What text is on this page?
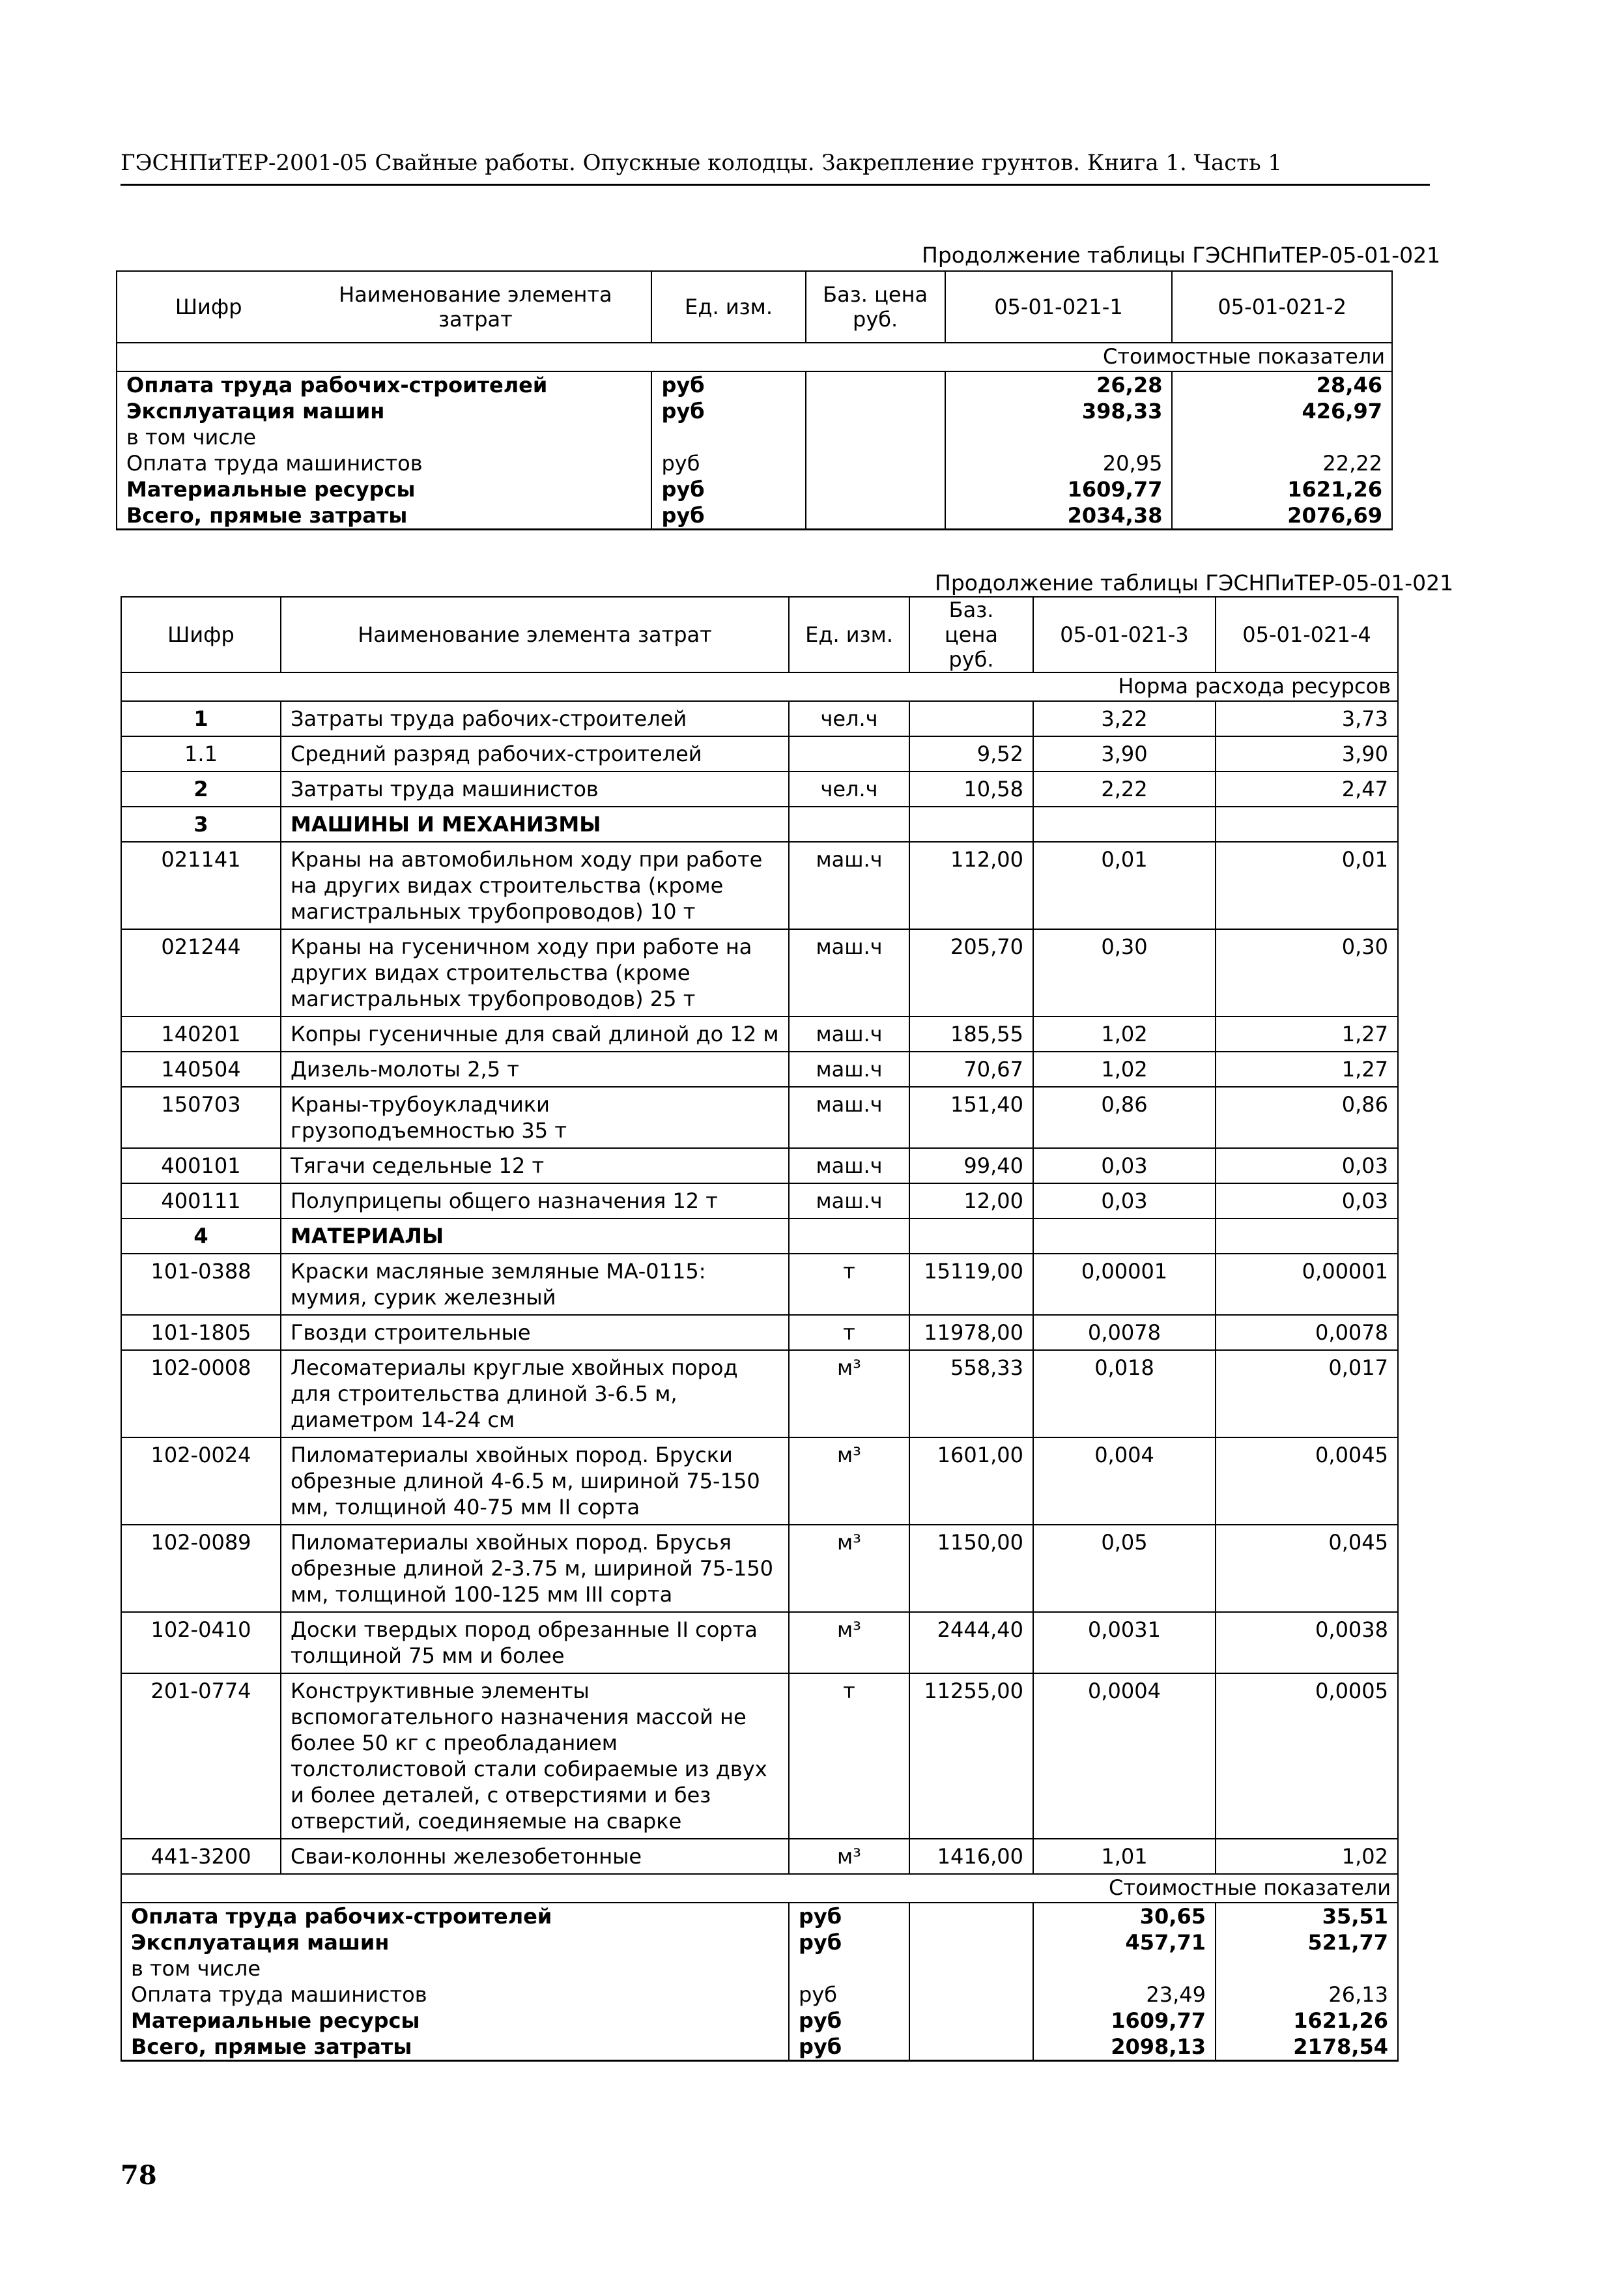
ГЭСНПиТЕР-2001-05 Свайные работы. Опускные колодцы. Закрепление грунтов. Книга 1. Часть 1
Продолжение таблицы ГЭСНПиТЕР-05-01-021
Шифр	Наименование элемента затрат	Ед. изм.	Баз. цена руб.	05-01-021-1	05-01-021-2
Стоимостные показатели					
Оплата труда рабочих-строителей		руб		26,28	28,46
Эксплуатация машин		руб		398,33	426,97
в том числе					
Оплата труда машинистов		руб		20,95	22,22
Материальные ресурсы		руб		1609,77	1621,26
Всего, прямые затраты		руб		2034,38	2076,69
Продолжение таблицы ГЭСНПиТЕР-05-01-021
Шифр	Наименование элемента затрат	Ед. изм.	Баз. цена руб.	05-01-021-3	05-01-021-4
Норма расхода ресурсов					
1	Затраты труда рабочих-строителей	чел.ч		3,22	3,73
1.1	Средний разряд рабочих-строителей		9,52	3,90	3,90
2	Затраты труда машинистов	чел.ч	10,58	2,22	2,47
3	МАШИНЫ И МЕХАНИЗМЫ				
021141	Краны на автомобильном ходу при работе на других видах строительства (кроме магистральных трубопроводов) 10 т	маш.ч	112,00	0,01	0,01
021244	Краны на гусеничном ходу при работе на других видах строительства (кроме магистральных трубопроводов) 25 т	маш.ч	205,70	0,30	0,30
140201	Копры гусеничные для свай длиной до 12 м	маш.ч	185,55	1,02	1,27
140504	Дизель-молоты 2,5 т	маш.ч	70,67	1,02	1,27
150703	Краны-трубоукладчики грузоподъемностью 35 т	маш.ч	151,40	0,86	0,86
400101	Тягачи седельные 12 т	маш.ч	99,40	0,03	0,03
400111	Полуприцепы общего назначения 12 т	маш.ч	12,00	0,03	0,03
4	МАТЕРИАЛЫ				
101-0388	Краски масляные земляные МА-0115: мумия, сурик железный	т	15119,00	0,00001	0,00001
101-1805	Гвозди строительные	т	11978,00	0,0078	0,0078
102-0008	Лесоматериалы круглые хвойных пород для строительства длиной 3-6.5 м, диаметром 14-24 см	м³	558,33	0,018	0,017
102-0024	Пиломатериалы хвойных пород. Бруски обрезные длиной 4-6.5 м, шириной 75-150 мм, толщиной 40-75 мм II сорта	м³	1601,00	0,004	0,0045
102-0089	Пиломатериалы хвойных пород. Брусья обрезные длиной 2-3.75 м, шириной 75-150 мм, толщиной 100-125 мм III сорта	м³	1150,00	0,05	0,045
102-0410	Доски твердых пород обрезанные II сорта толщиной 75 мм и более	м³	2444,40	0,0031	0,0038
201-0774	Конструктивные элементы вспомогательного назначения массой не более 50 кг с преобладанием толстолистовой стали собираемые из двух и более деталей, с отверстиями и без отверстий, соединяемые на сварке	т	11255,00	0,0004	0,0005
441-3200	Сваи-колонны железобетонные	м³	1416,00	1,01	1,02
Стоимостные показатели					
Оплата труда рабочих-строителей		руб		30,65	35,51
Эксплуатация машин		руб		457,71	521,77
в том числе					
Оплата труда машинистов		руб		23,49	26,13
Материальные ресурсы		руб		1609,77	1621,26
Всего, прямые затраты		руб		2098,13	2178,54
78
